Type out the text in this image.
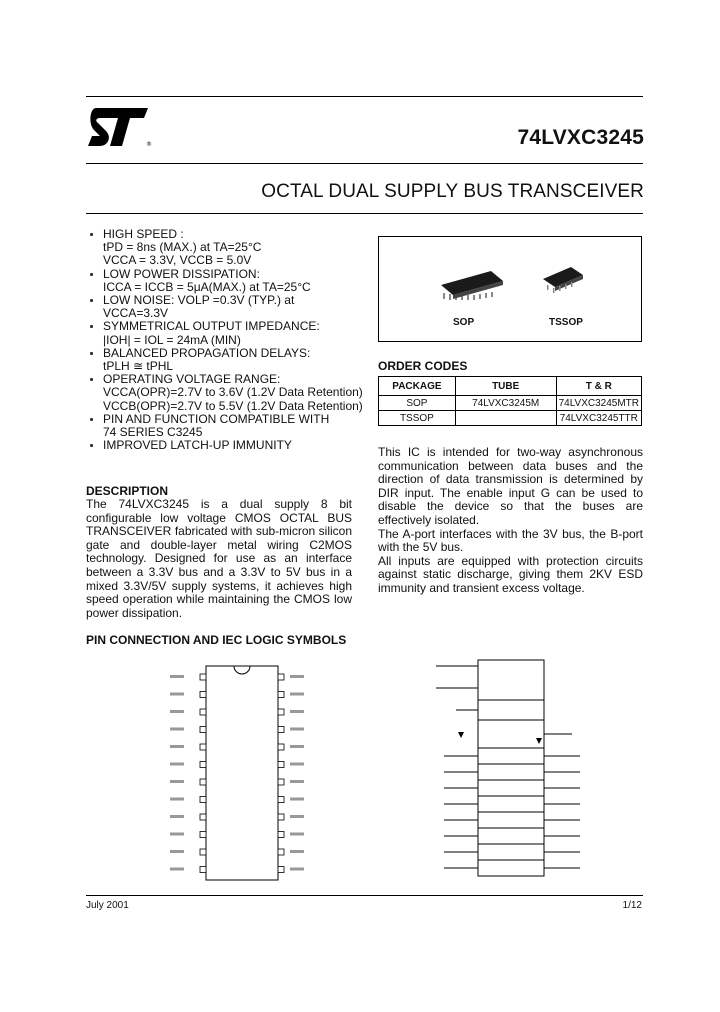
®	74LVXC3245
OCTAL DUAL SUPPLY BUS TRANSCEIVER
HIGH SPEED :
tPD = 8ns (MAX.) at TA=25°C
VCCA = 3.3V, VCCB = 5.0V
LOW POWER DISSIPATION:
ICCA = ICCB = 5μA(MAX.) at TA=25°C
LOW NOISE: VOLP =0.3V (TYP.) at
VCCA=3.3V
SYMMETRICAL OUTPUT IMPEDANCE:
|IOH| = IOL = 24mA (MIN)
BALANCED PROPAGATION DELAYS:
tPLH ≅ tPHL
OPERATING VOLTAGE RANGE:
VCCA(OPR)=2.7V to 3.6V (1.2V Data Retention)
VCCB(OPR)=2.7V to 5.5V (1.2V Data Retention)
PIN AND FUNCTION COMPATIBLE WITH
74 SERIES C3245
IMPROVED LATCH-UP IMMUNITY
DESCRIPTION
The 74LVXC3245 is a dual supply 8 bit configurable low voltage CMOS OCTAL BUS TRANSCEIVER fabricated with sub-micron silicon gate and double-layer metal wiring C2MOS technology. Designed for use as an interface between a 3.3V bus and a 3.3V to 5V bus in a mixed 3.3V/5V supply systems, it achieves high speed operation while maintaining the CMOS low power dissipation.
SOP	TSSOP
ORDER CODES
PACKAGE	TUBE	T & R
SOP	74LVXC3245M	74LVXC3245MTR
TSSOP		74LVXC3245TTR

This IC is intended for two-way asynchronous communication between data buses and the direction of data transmission is determined by DIR input. The enable input G can be used to disable the device so that the buses are effectively isolated.

The A-port interfaces with the 3V bus, the B-port with the 5V bus.

All inputs are equipped with protection circuits against static discharge, giving them 2KV ESD immunity and transient excess voltage.

PIN CONNECTION AND IEC LOGIC SYMBOLS
July 2001	1/12
